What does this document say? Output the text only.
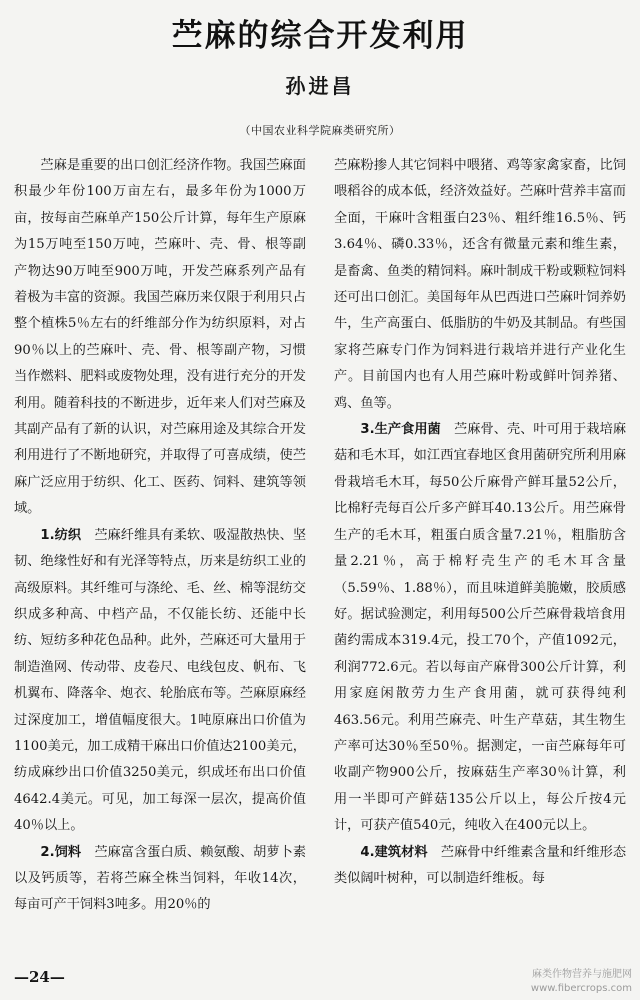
苎麻的综合开发利用
孙进昌
（中国农业科学院麻类研究所）

苎麻是重要的出口创汇经济作物。我国苎麻面积最少年份100万亩左右，最多年份为1000万亩，按每亩苎麻单产150公斤计算，每年生产原麻为15万吨至150万吨，苎麻叶、壳、骨、根等副产物达90万吨至900万吨，开发苎麻系列产品有着极为丰富的资源。我国苎麻历来仅限于利用只占整个植株5％左右的纤维部分作为纺织原料，对占90％以上的苎麻叶、壳、骨、根等副产物，习惯当作燃料、肥料或废物处理，没有进行充分的开发利用。随着科技的不断进步，近年来人们对苎麻及其副产品有了新的认识，对苎麻用途及其综合开发利用进行了不断地研究，并取得了可喜成绩，使苎麻广泛应用于纺织、化工、医药、饲料、建筑等领域。

1.纺织　 苎麻纤维具有柔软、吸湿散热快、坚韧、绝缘性好和有光泽等特点，历来是纺织工业的高级原料。其纤维可与涤纶、毛、丝、棉等混纺交织成多种高、中档产品，不仅能长纺、还能中长纺、短纺多种花色品种。此外，苎麻还可大量用于制造渔网、传动带、皮卷尺、电线包皮、帆布、飞机翼布、降落伞、炮衣、轮胎底布等。苎麻原麻经过深度加工，增值幅度很大。1吨原麻出口价值为1100美元，加工成精干麻出口价值达2100美元，纺成麻纱出口价值3250美元，织成坯布出口价值4642.4美元。可见，加工每深一层次，提高价值40％以上。

2.饲料　 苎麻富含蛋白质、赖氨酸、胡萝卜素以及钙质等，若将苎麻全株当饲料，年收14次，每亩可产干饲料3吨多。用20％的

苎麻粉掺人其它饲料中喂猪、鸡等家禽家畜，比饲喂稻谷的成本低，经济效益好。苎麻叶营养丰富而全面，干麻叶含粗蛋白23％、粗纤维16.5％、钙3.64％、磷0.33％，还含有微量元素和维生素，是畜禽、鱼类的精饲料。麻叶制成干粉或颗粒饲料还可出口创汇。美国每年从巴西进口苎麻叶饲养奶牛，生产高蛋白、低脂肪的牛奶及其制品。有些国家将苎麻专门作为饲料进行栽培并进行产业化生产。目前国内也有人用苎麻叶粉或鲜叶饲养猪、鸡、鱼等。

3.生产食用菌　 苎麻骨、壳、叶可用于栽培麻菇和毛木耳，如江西宜春地区食用菌研究所利用麻骨栽培毛木耳，每50公斤麻骨产鲜耳量52公斤，比棉籽壳每百公斤多产鲜耳40.13公斤。用苎麻骨生产的毛木耳，粗蛋白质含量7.21％，粗脂肪含量2.21％，高于棉籽壳生产的毛木耳含量（5.59％、1.88％），而且味道鲜美脆嫩，胶质感好。据试验测定，利用每500公斤苎麻骨栽培食用菌约需成本319.4元，投工70个，产值1092元，利润772.6元。若以每亩产麻骨300公斤计算，利用家庭闲散劳力生产食用菌，就可获得纯利463.56元。利用苎麻壳、叶生产草菇，其生物生产率可达30％至50％。据测定，一亩苎麻每年可收副产物900公斤，按麻菇生产率30％计算，利用一半即可产鲜菇135公斤以上，每公斤按4元计，可获产值540元，纯收入在400元以上。

4.建筑材料　 苎麻骨中纤维素含量和纤维形态类似阔叶树种，可以制造纤维板。每

—24—	麻类作物营养与施肥网
www.fibercrops.com
